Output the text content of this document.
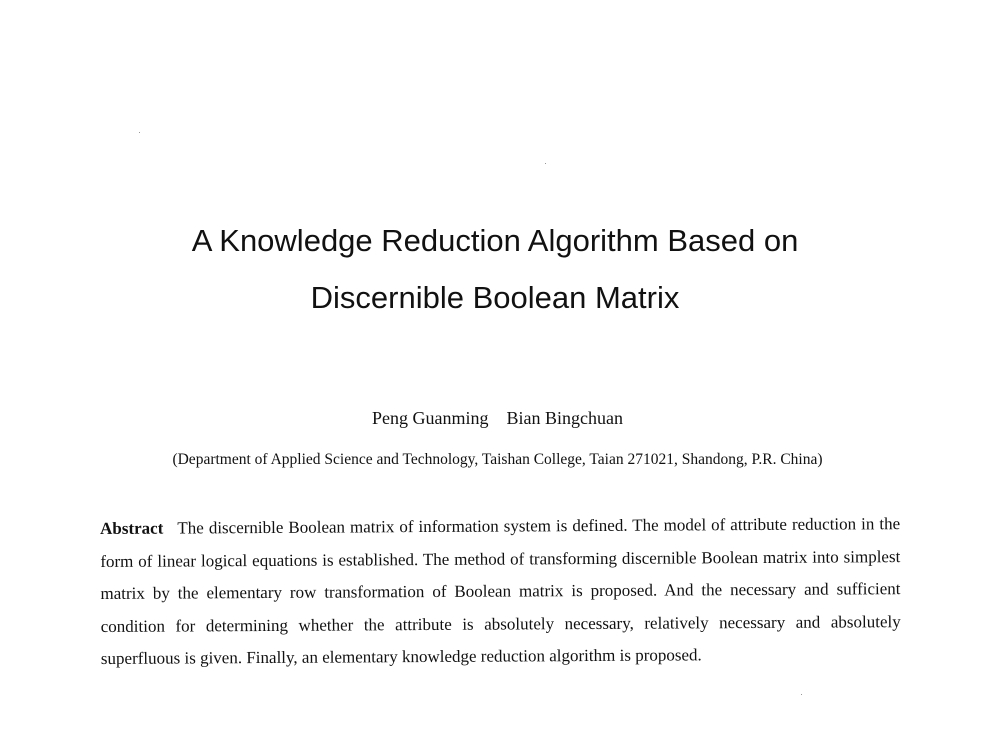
A Knowledge Reduction Algorithm Based on
Discernible Boolean Matrix
Peng Guanming Bian Bingchuan
(Department of Applied Science and Technology, Taishan College, Taian 271021, Shandong, P.R. China)

Abstract The discernible Boolean matrix of information system is defined. The model of attribute reduction in the form of linear logical equations is established. The method of transforming discernible Boolean matrix into simplest matrix by the elementary row transformation of Boolean matrix is proposed. And the necessary and sufficient condition for determining whether the attribute is absolutely necessary, relatively necessary and absolutely superfluous is given. Finally, an elementary knowledge reduction algorithm is proposed.
